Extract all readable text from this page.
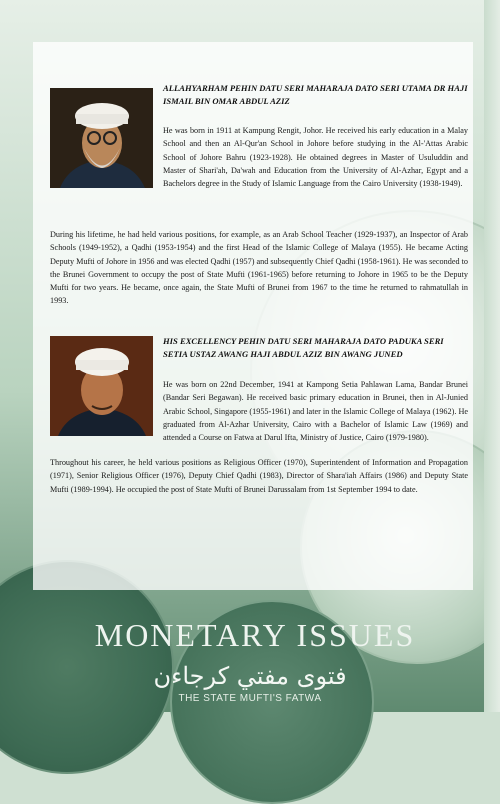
ALLAHYARHAM PEHIN DATU SERI MAHARAJA DATO SERI UTAMA DR HAJI ISMAIL BIN OMAR ABDUL AZIZ

He was born in 1911 at Kampung Rengit, Johor. He received his early education in a Malay School and then an Al-Qur'an School in Johore before studying in the Al-'Attas Arabic School of Johore Bahru (1923-1928). He obtained degrees in Master of Usuluddin and Master of Shari'ah, Da'wah and Education from the University of Al-Azhar, Egypt and a Bachelors degree in the Study of Islamic Language from the Cairo University (1938-1949).

During his lifetime, he had held various positions, for example, as an Arab School Teacher (1929-1937), an Inspector of Arab Schools (1949-1952), a Qadhi (1953-1954) and the first Head of the Islamic College of Malaya (1955). He became Acting Deputy Mufti of Johore in 1956 and was elected Qadhi (1957) and subsequently Chief Qadhi (1958-1961). He was seconded to the Brunei Government to occupy the post of State Mufti (1961-1965) before returning to Johore in 1965 to be the Deputy Mufti for two years. He became, once again, the State Mufti of Brunei from 1967 to the time he returned to rahmatullah in 1993.

HIS EXCELLENCY PEHIN DATU SERI MAHARAJA DATO PADUKA SERI SETIA USTAZ AWANG HAJI ABDUL AZIZ BIN AWANG JUNED

He was born on 22nd December, 1941 at Kampong Setia Pahlawan Lama, Bandar Brunei (Bandar Seri Begawan). He received basic primary education in Brunei, then in Al-Junied Arabic School, Singapore (1955-1961) and later in the Islamic College of Malaya (1962). He graduated from Al-Azhar University, Cairo with a Bachelor of Islamic Law (1969) and attended a Course on Fatwa at Darul Ifta, Ministry of Justice, Cairo (1979-1980).

Throughout his career, he held various positions as Religious Officer (1970), Superintendent of Information and Propagation (1971), Senior Religious Officer (1976), Deputy Chief Qadhi (1983), Director of Shara'iah Affairs (1986) and Deputy State Mufti (1989-1994). He occupied the post of State Mufti of Brunei Darussalam from 1st September 1994 to date.

MONETARY ISSUES
فتوى مفتي كرجاءن
THE STATE MUFTI'S FATWA
